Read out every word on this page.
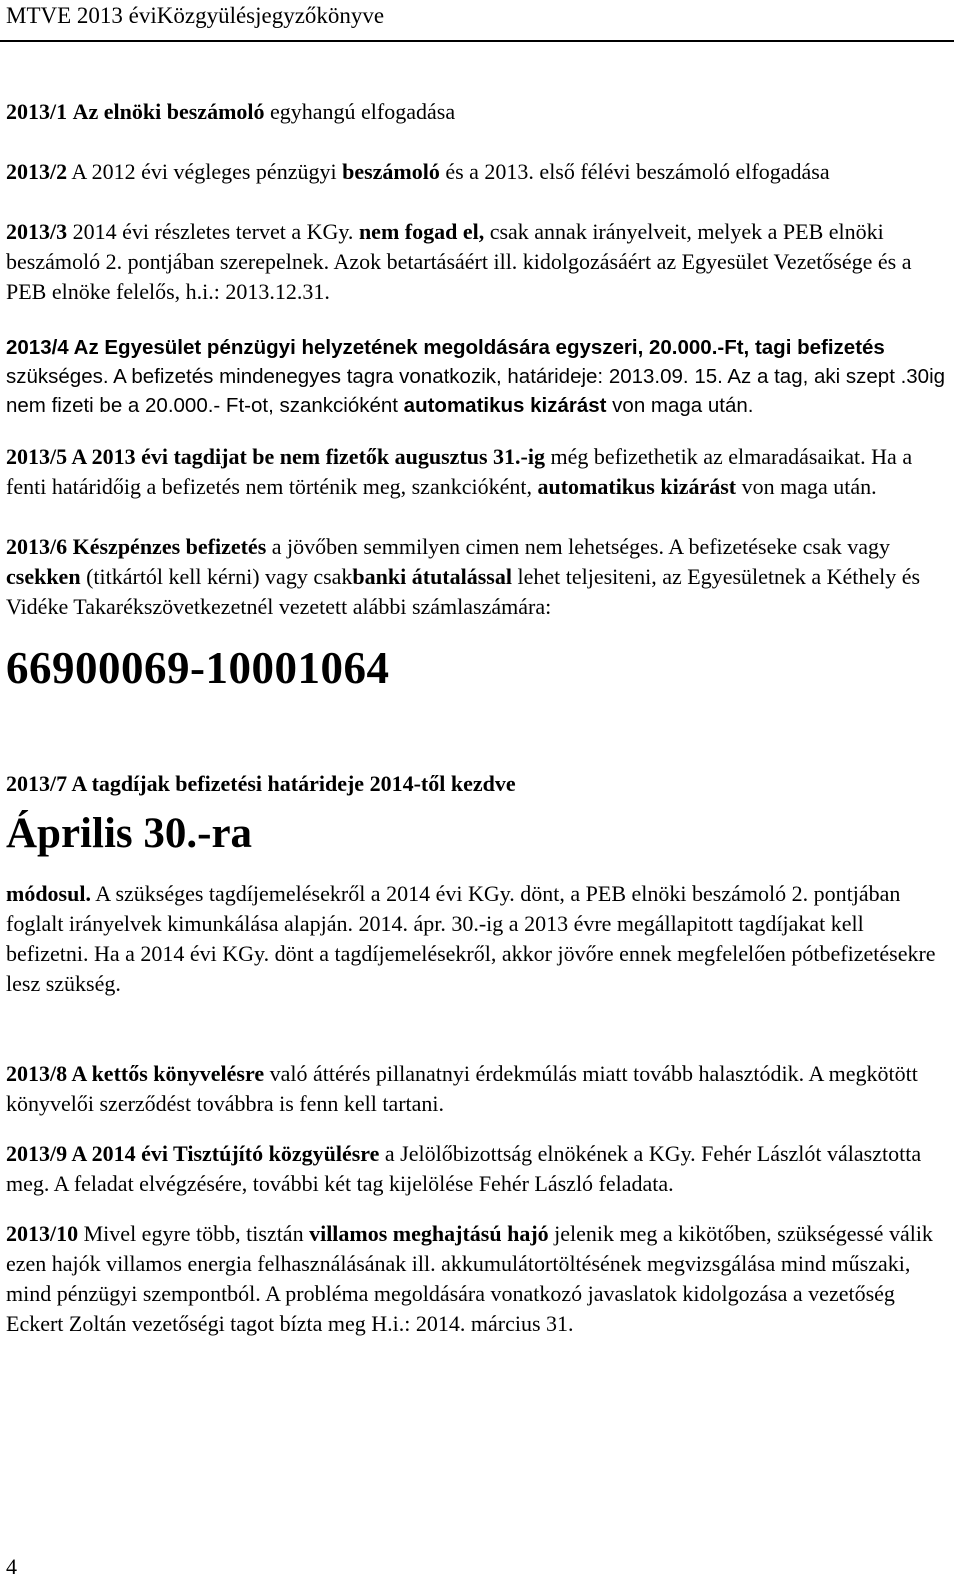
MTVE 2013 éviKözgyülésjegyzőkönyve

2013/1 Az elnöki beszámoló egyhangú elfogadása

2013/2 A 2012 évi végleges pénzügyi beszámoló és a 2013. első félévi beszámoló elfogadása

2013/3 2014 évi részletes tervet a KGy. nem fogad el, csak annak irányelveit, melyek a PEB elnöki beszámoló 2. pontjában szerepelnek. Azok betartásáért ill. kidolgozásáért az Egyesület Vezetősége és a PEB elnöke felelős, h.i.: 2013.12.31.

2013/4 Az Egyesület pénzügyi helyzetének megoldására egyszeri, 20.000.-Ft, tagi befizetés szükséges. A befizetés mindenegyes tagra vonatkozik, határideje: 2013.09. 15. Az a tag, aki szept .30ig nem fizeti be a 20.000.- Ft-ot, szankcióként automatikus kizárást von maga után.

2013/5 A 2013 évi tagdijat be nem fizetők augusztus 31.-ig még befizethetik az elmaradásaikat. Ha a fenti határidőig a befizetés nem történik meg, szankcióként, automatikus kizárást von maga után.

2013/6 Készpénzes befizetés a jövőben semmilyen cimen nem lehetséges. A befizetéseke csak vagy csekken (titkártól kell kérni) vagy csakbanki átutalással lehet teljesiteni, az Egyesületnek a Kéthely és Vidéke Takarékszövetkezetnél vezetett alábbi számlaszámára:

66900069-10001064

2013/7 A tagdíjak befizetési határideje 2014-től kezdve

Április 30.-ra

módosul. A szükséges tagdíjemelésekről a 2014 évi KGy. dönt, a PEB elnöki beszámoló 2. pontjában foglalt irányelvek kimunkálása alapján. 2014. ápr. 30.-ig a 2013 évre megállapitott tagdíjakat kell befizetni. Ha a 2014 évi KGy. dönt a tagdíjemelésekről, akkor jövőre ennek megfelelően pótbefizetésekre lesz szükség.

2013/8 A kettős könyvelésre való áttérés pillanatnyi érdekmúlás miatt tovább halasztódik. A megkötött könyvelői szerződést továbbra is fenn kell tartani.

2013/9 A 2014 évi Tisztújító közgyülésre a Jelölőbizottság elnökének a KGy. Fehér Lászlót választotta meg. A feladat elvégzésére, további két tag kijelölése Fehér László feladata.

2013/10 Mivel egyre több, tisztán villamos meghajtású hajó jelenik meg a kikötőben, szükségessé válik ezen hajók villamos energia felhasználásának ill. akkumulátortöltésének megvizsgálása mind műszaki, mind pénzügyi szempontból. A probléma megoldására vonatkozó javaslatok kidolgozása a vezetőség Eckert Zoltán vezetőségi tagot bízta meg H.i.: 2014. március 31.

4
